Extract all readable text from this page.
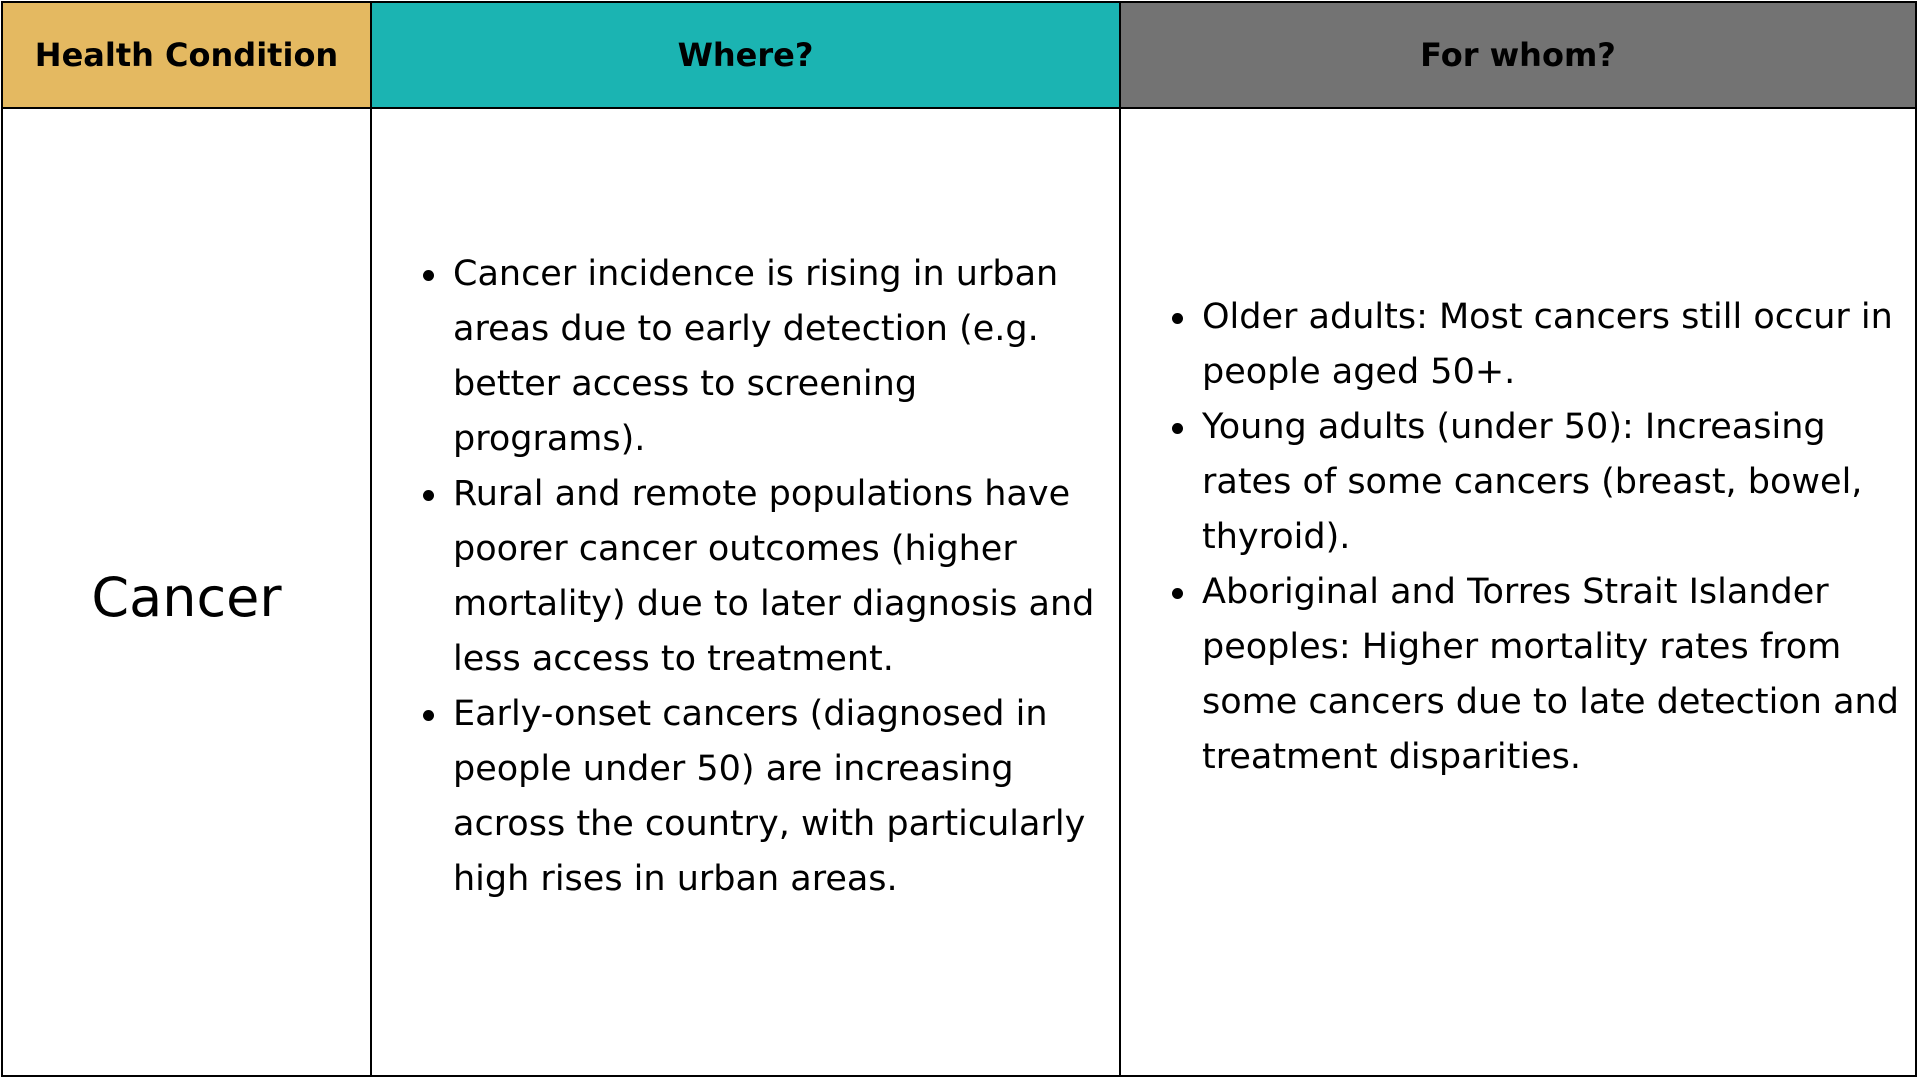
Health Condition	Where?	For whom?
Cancer
Cancer incidence is rising in urban areas due to early detection (e.g. better access to screening programs).
Rural and remote populations have poorer cancer outcomes (higher mortality) due to later diagnosis and less access to treatment.
Early-onset cancers (diagnosed in people under 50) are increasing across the country, with particularly high rises in urban areas.
Older adults: Most cancers still occur in people aged 50+.
Young adults (under 50): Increasing rates of some cancers (breast, bowel, thyroid).
Aboriginal and Torres Strait Islander peoples: Higher mortality rates from some cancers due to late detection and treatment disparities.
